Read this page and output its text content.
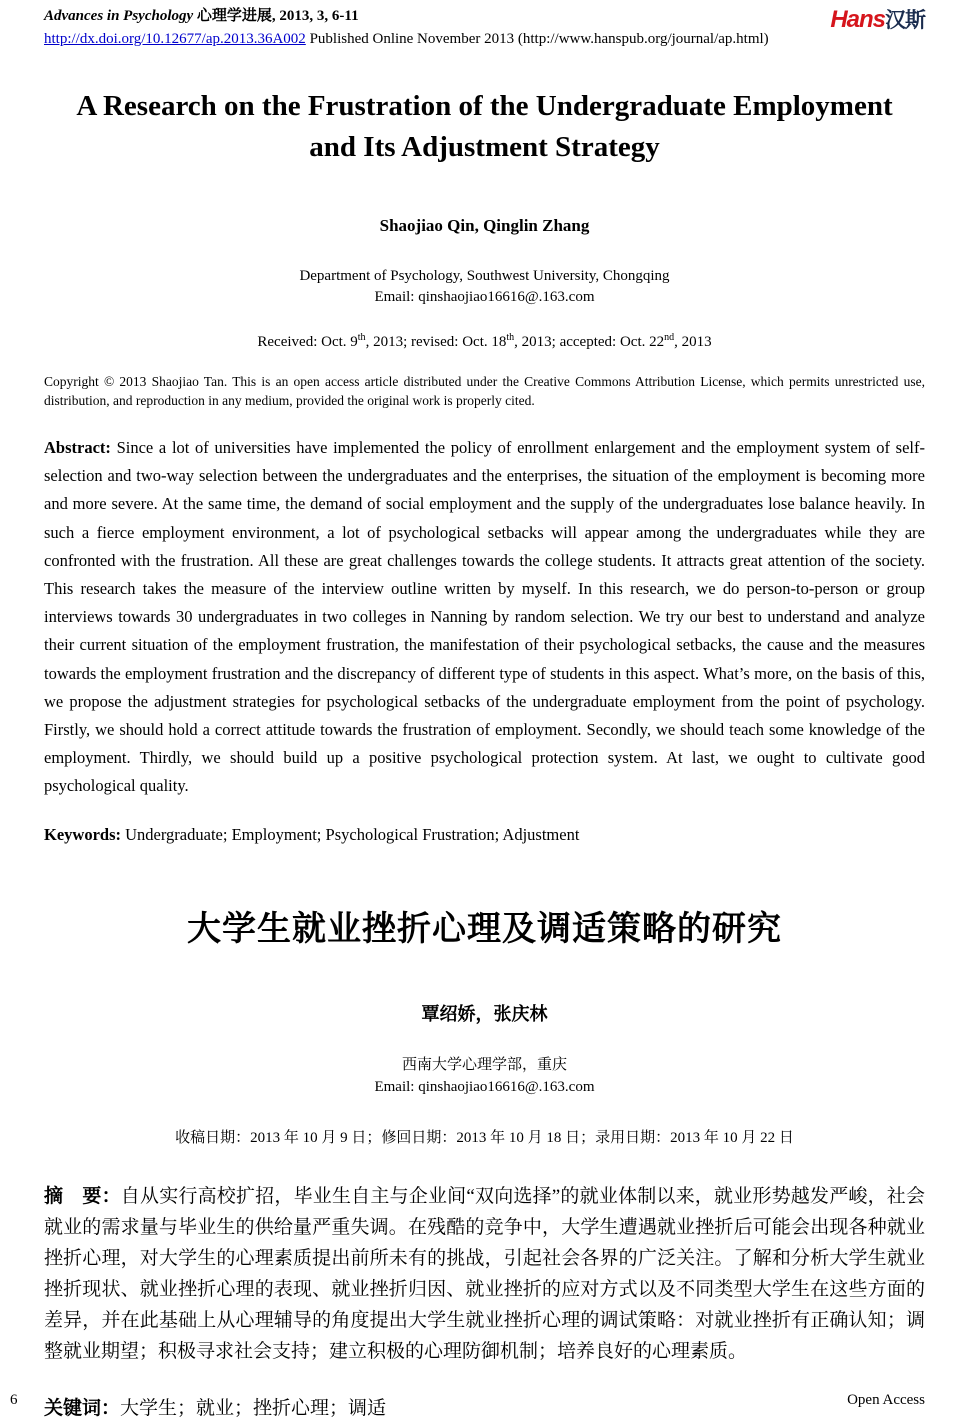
Advances in Psychology 心理学进展, 2013, 3, 6-11
http://dx.doi.org/10.12677/ap.2013.36A002 Published Online November 2013 (http://www.hanspub.org/journal/ap.html)
Hans汉斯
A Research on the Frustration of the Undergraduate Employment and Its Adjustment Strategy
Shaojiao Qin, Qinglin Zhang
Department of Psychology, Southwest University, Chongqing
Email: qinshaojiao16616@.163.com
Received: Oct. 9th, 2013; revised: Oct. 18th, 2013; accepted: Oct. 22nd, 2013
Copyright © 2013 Shaojiao Tan. This is an open access article distributed under the Creative Commons Attribution License, which permits unrestricted use, distribution, and reproduction in any medium, provided the original work is properly cited.
Abstract: Since a lot of universities have implemented the policy of enrollment enlargement and the employment system of self-selection and two-way selection between the undergraduates and the enterprises, the situation of the employment is becoming more and more severe. At the same time, the demand of social employment and the supply of the undergraduates lose balance heavily. In such a fierce employment environment, a lot of psychological setbacks will appear among the undergraduates while they are confronted with the frustration. All these are great challenges towards the college students. It attracts great attention of the society. This research takes the measure of the interview outline written by myself. In this research, we do person-to-person or group interviews towards 30 undergraduates in two colleges in Nanning by random selection. We try our best to understand and analyze their current situation of the employment frustration, the manifestation of their psychological setbacks, the cause and the measures towards the employment frustration and the discrepancy of different type of students in this aspect. What’s more, on the basis of this, we propose the adjustment strategies for psychological setbacks of the undergraduate employment from the point of psychology. Firstly, we should hold a correct attitude towards the frustration of employment. Secondly, we should teach some knowledge of the employment. Thirdly, we should build up a positive psychological protection system. At last, we ought to cultivate good psychological quality.
Keywords: Undergraduate; Employment; Psychological Frustration; Adjustment
大学生就业挫折心理及调适策略的研究
覃绍娇，张庆林
西南大学心理学部，重庆
Email: qinshaojiao16616@.163.com
收稿日期：2013 年 10 月 9 日；修回日期：2013 年 10 月 18 日；录用日期：2013 年 10 月 22 日
摘　要：自从实行高校扩招，毕业生自主与企业间“双向选择”的就业体制以来，就业形势越发严峻，社会就业的需求量与毕业生的供给量严重失调。在残酷的竞争中，大学生遭遇就业挫折后可能会出现各种就业挫折心理，对大学生的心理素质提出前所未有的挑战，引起社会各界的广泛关注。了解和分析大学生就业挫折现状、就业挫折心理的表现、就业挫折归因、就业挫折的应对方式以及不同类型大学生在这些方面的差异，并在此基础上从心理辅导的角度提出大学生就业挫折心理的调试策略：对就业挫折有正确认知；调整就业期望；积极寻求社会支持；建立积极的心理防御机制；培养良好的心理素质。
关键词：大学生；就业；挫折心理；调适
6	Open Access
